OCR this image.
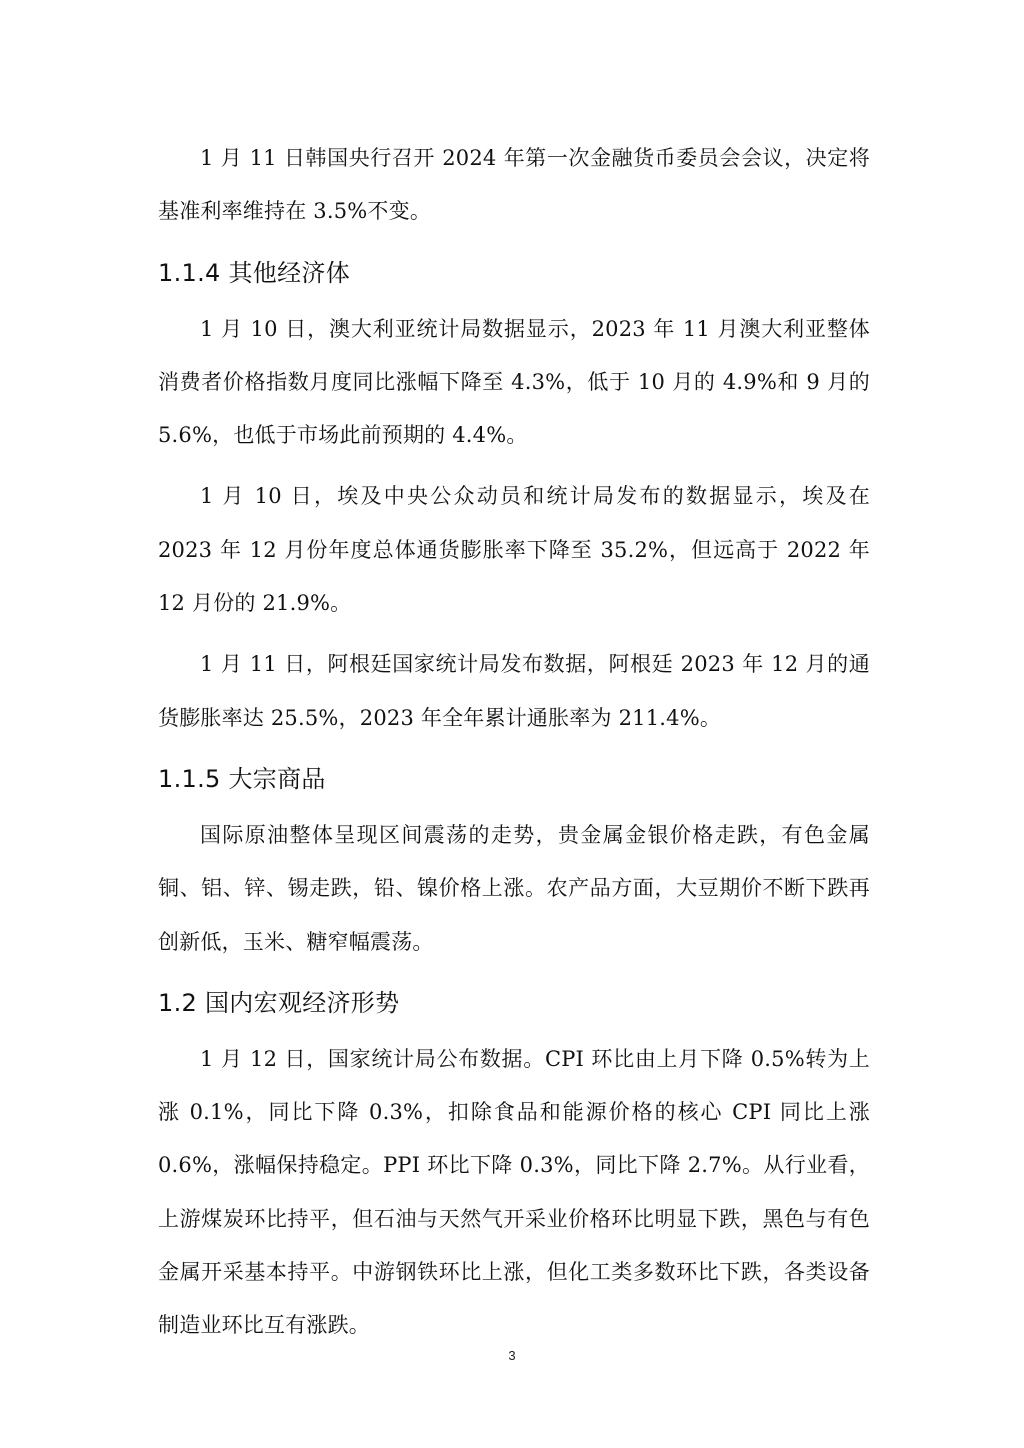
1 月 11 日韩国央行召开 2024 年第一次金融货币委员会会议，决定将基准利率维持在 3.5%不变。

1.1.4 其他经济体

1 月 10 日，澳大利亚统计局数据显示，2023 年 11 月澳大利亚整体消费者价格指数月度同比涨幅下降至 4.3%，低于 10 月的 4.9%和 9 月的 5.6%，也低于市场此前预期的 4.4%。

1 月 10 日，埃及中央公众动员和统计局发布的数据显示，埃及在 2023 年 12 月份年度总体通货膨胀率下降至 35.2%，但远高于 2022 年 12 月份的 21.9%。

1 月 11 日，阿根廷国家统计局发布数据，阿根廷 2023 年 12 月的通货膨胀率达 25.5%，2023 年全年累计通胀率为 211.4%。

1.1.5 大宗商品

国际原油整体呈现区间震荡的走势，贵金属金银价格走跌，有色金属铜、铝、锌、锡走跌，铅、镍价格上涨。农产品方面，大豆期价不断下跌再创新低，玉米、糖窄幅震荡。

1.2 国内宏观经济形势

1 月 12 日，国家统计局公布数据。CPI 环比由上月下降 0.5%转为上涨 0.1%，同比下降 0.3%，扣除食品和能源价格的核心 CPI 同比上涨 0.6%，涨幅保持稳定。PPI 环比下降 0.3%，同比下降 2.7%。从行业看，上游煤炭环比持平，但石油与天然气开采业价格环比明显下跌，黑色与有色金属开采基本持平。中游钢铁环比上涨，但化工类多数环比下跌，各类设备制造业环比互有涨跌。

3
